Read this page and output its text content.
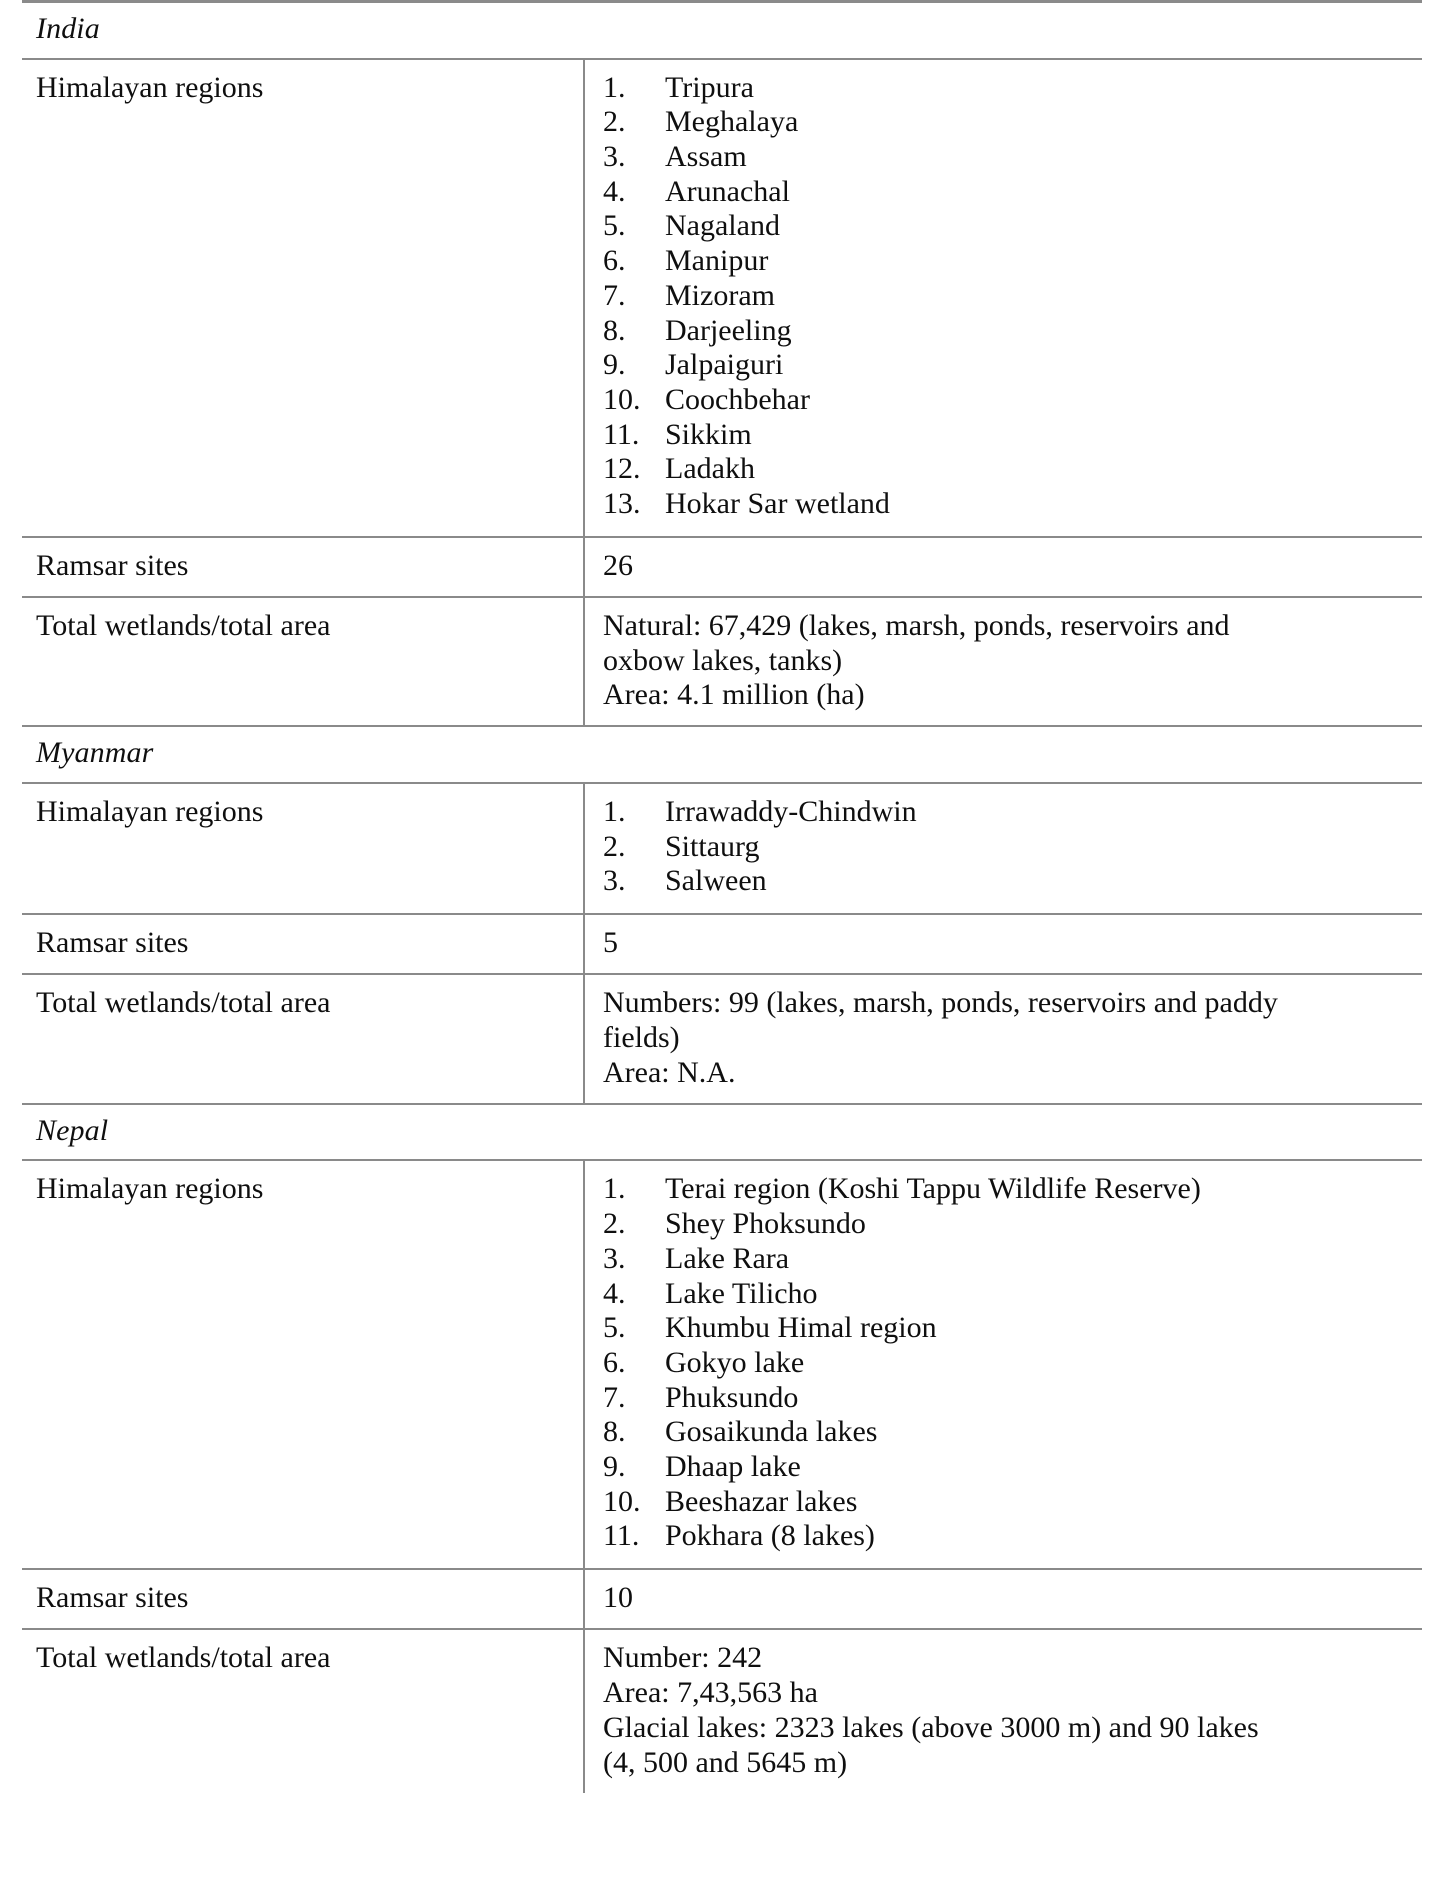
India	
Himalayan regions	1.	Tripura
2.	Meghalaya
3.	Assam
4.	Arunachal
5.	Nagaland
6.	Manipur
7.	Mizoram
8.	Darjeeling
9.	Jalpaiguri
10. Coochbehar
11. Sikkim
12. Ladakh
13. Hokar Sar wetland

Ramsar sites	26

Total wetlands/total area	Natural: 67,429 (lakes, marsh, ponds, reservoirs and
oxbow lakes, tanks)
Area: 4.1 million (ha)

Myanmar	
Himalayan regions	1.	Irrawaddy-Chindwin
2.	Sittaurg
3.	Salween

Ramsar sites	5

Total wetlands/total area	Numbers: 99 (lakes, marsh, ponds, reservoirs and paddy
fields)
Area: N.A.

Nepal	
Himalayan regions	1.	Terai region (Koshi Tappu Wildlife Reserve)
2.	Shey Phoksundo
3.	Lake Rara
4.	Lake Tilicho
5.	Khumbu Himal region
6.	Gokyo lake
7.	Phuksundo
8.	Gosaikunda lakes
9.	Dhaap lake
10. Beeshazar lakes
11. Pokhara (8 lakes)

Ramsar sites	10

Total wetlands/total area	Number: 242
Area: 7,43,563 ha
Glacial lakes: 2323 lakes (above 3000 m) and 90 lakes
(4, 500 and 5645 m)
